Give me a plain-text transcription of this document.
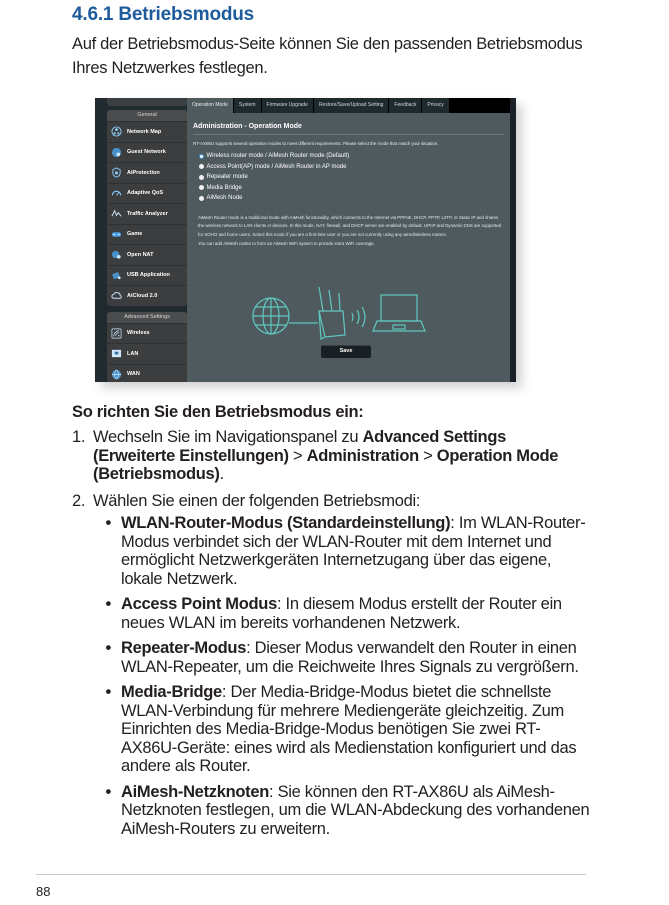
4.6.1 Betriebsmodus

Auf der Betriebsmodus-Seite können Sie den passenden Betriebsmodus Ihres Netzwerkes festlegen.

General
Network Map
Guest Network
AiProtection
Adaptive QoS
Traffic Analyzer
Game
Open NAT
USB Application
AiCloud 2.0
Advanced Settings
Wireless
LAN
WAN
Operation Mode	System	Firmware Upgrade	Restore/Save/Upload Setting	Feedback	Privacy
Administration - Operation Mode
RT-AX86U supports several operation modes to meet different requirements. Please select the mode that match your situation.
Wireless router mode / AiMesh Router mode (Default)
Access Point(AP) mode / AiMesh Router in AP mode
Repeater mode
Media Bridge
AiMesh Node
AiMesh Router mode is a traditional mode with AiMesh functionality, which connects to the Internet via PPPoE, DHCP, PPTP, L2TP, or Static IP and shares the wireless network to LAN clients or devices. In this mode, NAT, firewall, and DHCP server are enabled by default. UPnP and Dynamic DNS are supported for SOHO and home users. Select this mode if you are a first-time user or you are not currently using any wired/wireless routers.
You can add AiMesh nodes to form an AiMesh WiFi system to provide extra WiFi coverage.
Save
So richten Sie den Betriebsmodus ein:
1. Wechseln Sie im Navigationspanel zu Advanced Settings (Erweiterte Einstellungen) > Administration > Operation Mode (Betriebsmodus).
2. Wählen Sie einen der folgenden Betriebsmodi:
• WLAN-Router-Modus (Standardeinstellung): Im WLAN-Router-Modus verbindet sich der WLAN-Router mit dem Internet und ermöglicht Netzwerkgeräten Internetzugang über das eigene, lokale Netzwerk.
• Access Point Modus: In diesem Modus erstellt der Router ein neues WLAN im bereits vorhandenen Netzwerk.
• Repeater-Modus: Dieser Modus verwandelt den Router in einen WLAN-Repeater, um die Reichweite Ihres Signals zu vergrößern.
• Media-Bridge: Der Media-Bridge-Modus bietet die schnellste WLAN-Verbindung für mehrere Mediengeräte gleichzeitig. Zum Einrichten des Media-Bridge-Modus benötigen Sie zwei RT-AX86U-Geräte: eines wird als Medienstation konfiguriert und das andere als Router.
• AiMesh-Netzknoten: Sie können den RT-AX86U als AiMesh-Netzknoten festlegen, um die WLAN-Abdeckung des vorhandenen AiMesh-Routers zu erweitern.
88
